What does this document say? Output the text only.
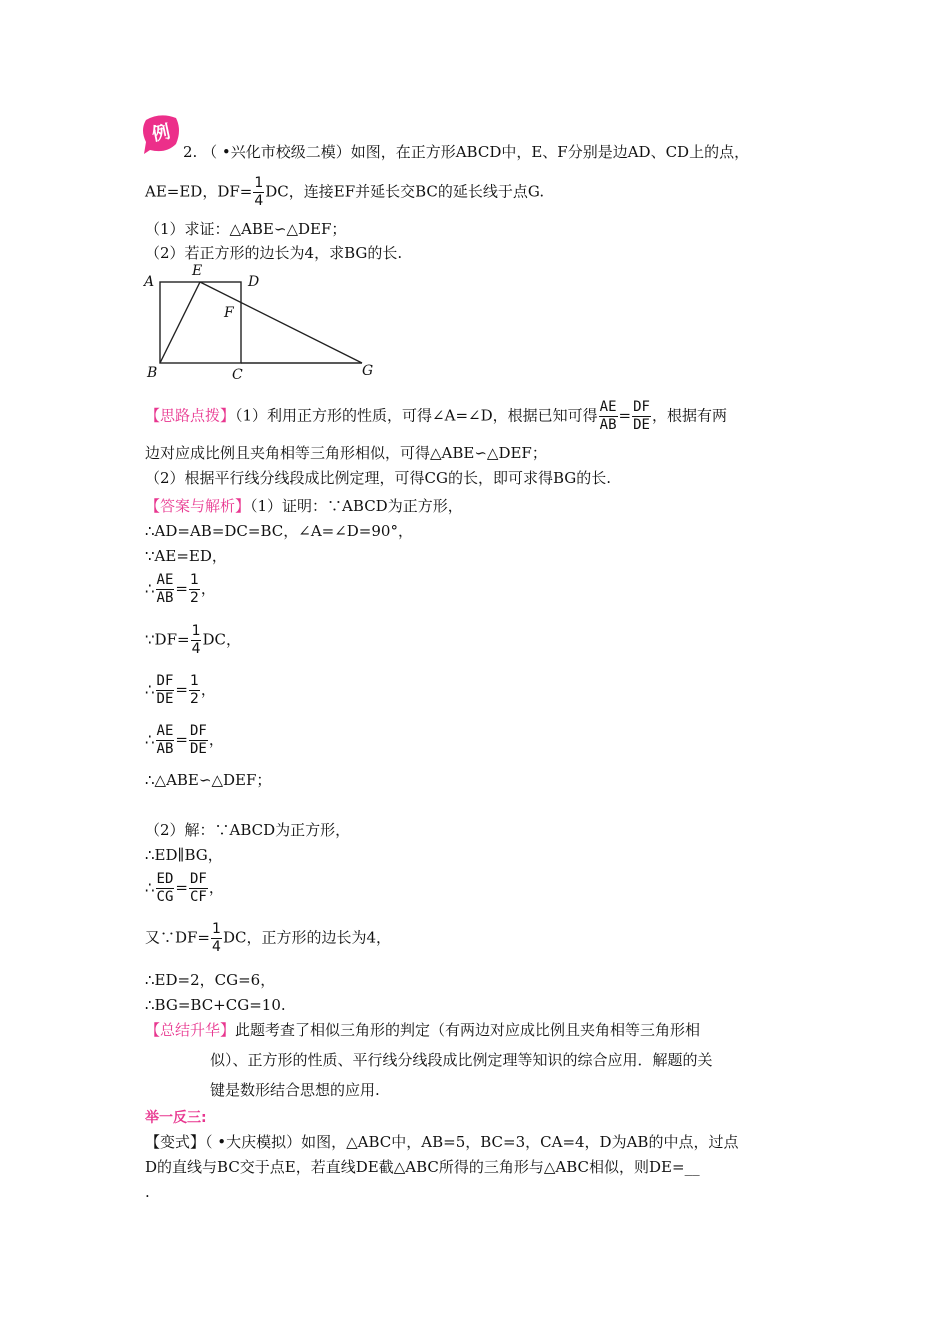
例
2. （ •兴化市校级二模）如图，在正方形ABCD中，E、F分别是边AD、CD上的点，
AE=ED，$DF= \frac{1}{4}$ DC，连接EF并延长交BC的延长线于点G.
（1）求证：△ABE∽△DEF；
（2）若正方形的边长为4，求BG的长.
A
E
D
F
B	C	G
【思路点拨】（1）利用正方形的性质，可得∠A=∠D，根据已知可得 $\frac{AE}{AB} = \frac{DF}{DE}$ ，根据有两
边对应成比例且夹角相等三角形相似，可得△ABE∽△DEF；
（2）根据平行线分线段成比例定理，可得CG的长，即可求得BG的长.
【答案与解析】（1）证明：∵ABCD为正方形，
∴AD=AB=DC=BC，∠A=∠D=90°，
∵AE=ED，
∴ $\frac{AE}{AB} = \frac{1}{2}$ ，
∵DF= $\frac{1}{4}$ DC，
∴ $\frac{DF}{DE} = \frac{1}{2}$ ，
∴ $\frac{AE}{AB} = \frac{DF}{DE}$ ，
∴△ABE∽△DEF；
（2）解：∵ABCD为正方形，
∴ED∥BG，
∴ $\frac{ED}{CG} = \frac{DF}{CF}$ ，
又∵DF= $\frac{1}{4}$ DC，正方形的边长为4，
∴ED=2，CG=6，
∴BG=BC+CG=10.
【总结升华】此题考查了相似三角形的判定（有两边对应成比例且夹角相等三角形相
似）、正方形的性质、平行线分线段成比例定理等知识的综合应用．解题的关
键是数形结合思想的应用.
举一反三:
【变式】（ •大庆模拟）如图，△ABC中，AB=5，BC=3，CA=4，D为AB的中点，过点
D的直线与BC交于点E，若直线DE截△ABC所得的三角形与△ABC相似，则DE=__
.
